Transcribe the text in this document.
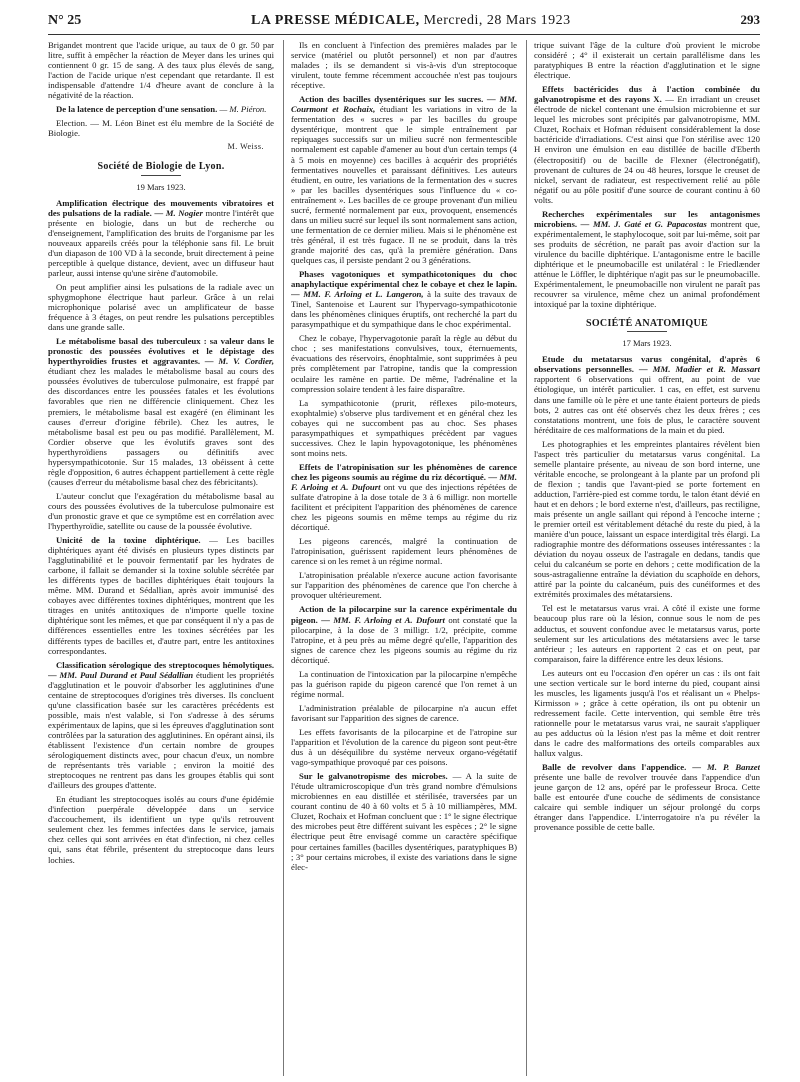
N° 25	LA PRESSE MÉDICALE, Mercredi, 28 Mars 1923	293

Brigandet montrent que l'acide urique, au taux de 0 gr. 50 par litre, suffit à empêcher la réaction de Meyer dans les urines qui contiennent 0 gr. 15 de sang. A des taux plus élevés de sang, l'action de l'acide urique n'est cependant que retardante. Il est indispensable d'attendre 1/4 d'heure avant de conclure à la négativité de la réaction.

De la latence de perception d'une sensation. — M. Piéron.

Election. — M. Léon Binet est élu membre de la Société de Biologie.

M. Weiss.
Société de Biologie de Lyon.

19 Mars 1923.

Amplification électrique des mouvements vibratoires et des pulsations de la radiale. — M. Nogier montre l'intérêt que présente en biologie, dans un but de recherche ou d'enseignement, l'amplification des bruits de l'organisme par les nouveaux appareils créés pour la téléphonie sans fil. Le bruit d'un diapason de 100 VD à la seconde, bruit directement à peine perceptible à quelque distance, devient, avec un diffuseur haut parleur, aussi intense qu'une sirène d'automobile.

On peut amplifier ainsi les pulsations de la radiale avec un sphygmophone électrique haut parleur. Grâce à un relai microphonique polarisé avec un amplificateur de basse fréquence à 3 étages, on peut rendre les pulsations perceptibles dans une grande salle.

Le métabolisme basal des tuberculeux : sa valeur dans le pronostic des poussées évolutives et le dépistage des hyperthyroïdies frustes et aggravantes. — M. V. Cordier, étudiant chez les malades le métabolisme basal au cours des poussées évolutives de tuberculose pulmonaire, est frappé par des discordances entre les poussées fatales et les évolutions favorables que rien ne différencie cliniquement. Chez les premiers, le métabolisme basal est exagéré (en éliminant les causes d'erreur d'origine fébrile). Chez les autres, le métabolisme basal est peu ou pas modifié. Parallèlement, M. Cordier observe que les évolutifs graves sont des hyperthyroïdiens passagers ou définitifs avec hypersympathicotonie. Sur 15 malades, 13 obéissent à cette règle d'opposition, 6 autres échappent partiellement à cette règle (causes d'erreur du métabolisme basal chez des fébricitants).

L'auteur conclut que l'exagération du métabolisme basal au cours des poussées évolutives de la tuberculose pulmonaire est d'un pronostic grave et que ce symptôme est en corrélation avec l'hyperthyroïdie, satellite ou cause de la poussée évolutive.

Unicité de la toxine diphtérique. — Les bacilles diphtériques ayant été divisés en plusieurs types distincts par l'agglutinabilité et le pouvoir fermentatif par les hydrates de carbone, il fallait se demander si la toxine soluble sécrétée par les différents types de bacilles diphtériques était toujours la même. MM. Durand et Sédallian, après avoir immunisé des cobayes avec différentes toxines diphtériques, montrent que les titrages en unités antitoxiques de n'importe quelle toxine diphtérique sont les mêmes, et que par conséquent il n'y a pas de différences essentielles entre les toxines sécrétées par les différents types de bacilles et, d'autre part, entre les antitoxines correspondantes.

Classification sérologique des streptocoques hémolytiques. — MM. Paul Durand et Paul Sédallian étudient les propriétés d'agglutination et le pouvoir d'absorber les agglutinines d'une centaine de streptocoques d'origines très diverses. Ils concluent qu'une classification basée sur les caractères précédents est possible, mais n'est valable, si l'on s'adresse à des sérums expérimentaux de lapins, que si les épreuves d'agglutination sont contrôlées par la saturation des agglutinines. En opérant ainsi, ils établissent l'existence d'un certain nombre de groupes sérologiquement distincts avec, pour chacun d'eux, un nombre de représentants très variable ; environ la moitié des streptocoques ne rentrent pas dans les groupes établis qui sont d'ailleurs des groupes d'attente.

En étudiant les streptocoques isolés au cours d'une épidémie d'infection puerpérale développée dans un service d'accouchement, ils identifient un type qu'ils retrouvent seulement chez les femmes infectées dans le service, jamais chez celles qui sont arrivées en état d'infection, ni chez celles qui, sans état fébrile, présentent du streptocoque dans leurs lochies.

Ils en concluent à l'infection des premières malades par le service (matériel ou plutôt personnel) et non par d'autres malades ; ils se demandent si vis-à-vis d'un streptocoque virulent, toute femme récemment accouchée n'est pas toujours réceptive.

Action des bacilles dysentériques sur les sucres. — MM. Courmont et Rochaix, étudiant les variations in vitro de la fermentation des « sucres » par les bacilles du groupe dysentérique, montrent que le simple entraînement par repiquages successifs sur un milieu sucré non fermentescible normalement est capable d'amener au bout d'un certain temps (4 à 5 mois en moyenne) ces bacilles à acquérir des propriétés fermentatives nouvelles et paraissant définitives. Les auteurs étudient, en outre, les variations de la fermentation des « sucres » par les bacilles dysentériques sous l'influence du « co-entraînement ». Les bacilles de ce groupe provenant d'un milieu sucré, fermenté normalement par eux, provoquent, ensemencés dans un milieu sucré sur lequel ils sont normalement sans action, une fermentation de ce dernier milieu. Mais si le phénomène est très général, il est très fugace. Il ne se produit, dans la très grande majorité des cas, qu'à la première génération. Dans quelques cas, il persiste pendant 2 ou 3 générations.

Phases vagotoniques et sympathicotoniques du choc anaphylactique expérimental chez le cobaye et chez le lapin. — MM. F. Arloing et L. Langeron, à la suite des travaux de Tinel, Santenoise et Laurent sur l'hypervago-sympathicotonie dans les phénomènes cliniques éruptifs, ont recherché la part du parasympathique et du sympathique dans le choc expérimental.

Chez le cobaye, l'hypervagotonie paraît la règle au début du choc ; ses manifestations convulsives, toux, éternuements, évacuations des réservoirs, énophtalmie, sont supprimées à peu près complètement par l'atropine, tandis que la compression oculaire les ramène en partie. De même, l'adrénaline et la compression solaire tendent à les faire disparaître.

La sympathicotonie (prurit, réflexes pilo-moteurs, exophtalmie) s'observe plus tardivement et en général chez les cobayes qui ne succombent pas au choc. Ses phases parasympathiques et sympathiques précèdent par vagues successives. Chez le lapin hypovagotonique, les phénomènes sont moins nets.

Effets de l'atropinisation sur les phénomènes de carence chez les pigeons soumis au régime du riz décortiqué. — MM. F. Arloing et A. Dufourt ont vu que des injections répétées de sulfate d'atropine à la dose totale de 3 à 6 milligr. non mortelle facilitent et précipitent l'apparition des phénomènes de carence chez les pigeons soumis en même temps au régime du riz décortiqué.

Les pigeons carencés, malgré la continuation de l'atropinisation, guérissent rapidement leurs phénomènes de carence si on les remet à un régime normal.

L'atropinisation préalable n'exerce aucune action favorisante sur l'apparition des phénomènes de carence que l'on cherche à provoquer ultérieurement.

Action de la pilocarpine sur la carence expérimentale du pigeon. — MM. F. Arloing et A. Dufourt ont constaté que la pilocarpine, à la dose de 3 milligr. 1/2, précipite, comme l'atropine, et à peu près au même degré qu'elle, l'apparition des signes de carence chez les pigeons soumis au régime du riz décortiqué.

La continuation de l'intoxication par la pilocarpine n'empêche pas la guérison rapide du pigeon carencé que l'on remet à un régime normal.

L'administration préalable de pilocarpine n'a aucun effet favorisant sur l'apparition des signes de carence.

Les effets favorisants de la pilocarpine et de l'atropine sur l'apparition et l'évolution de la carence du pigeon sont peut-être dus à un déséquilibre du système nerveux organo-végétatif vago-sympathique provoqué par ces poisons.

Sur le galvanotropisme des microbes. — A la suite de l'étude ultramicroscopique d'un très grand nombre d'émulsions microbiennes en eau distillée et stérilisée, traversées par un courant continu de 40 à 60 volts et 5 à 10 milliampères, MM. Cluzet, Rochaix et Hofman concluent que : 1° le signe électrique des microbes peut être différent suivant les espèces ; 2° le signe électrique peut être envisagé comme un caractère spécifique pour certaines familles (bacilles dysentériques, paratyphiques B) ; 3° pour certains microbes, il existe des variations dans le signe élec-

trique suivant l'âge de la culture d'où provient le microbe considéré ; 4° il existerait un certain parallélisme dans les paratyphiques B entre la réaction d'agglutination et le signe électrique.

Effets bactéricides dus à l'action combinée du galvanotropisme et des rayons X. — En irradiant un creuset électrode de nickel contenant une émulsion microbienne et sur lequel les microbes sont précipités par galvanotropisme, MM. Cluzet, Rochaix et Hofman réduisent considérablement la dose bactéricide d'irradiations. C'est ainsi que l'on stérilise avec 120 H environ une émulsion en eau distillée de bacille d'Eberth (électropositif) ou de bacille de Flexner (électronégatif), provenant de cultures de 24 ou 48 heures, lorsque le creuset de nickel, servant de radiateur, est respectivement relié au pôle négatif ou au pôle positif d'une source de courant continu à 60 volts.

Recherches expérimentales sur les antagonismes microbiens. — MM. J. Gaté et G. Papacostas montrent que, expérimentalement, le staphylocoque, soit par lui-même, soit par ses produits de sécrétion, ne paraît pas avoir d'action sur la virulence du bacille diphtérique. L'antagonisme entre le bacille diphtérique et le pneumobacille est unilatéral : le Friedlænder atténue le Löffler, le diphtérique n'agit pas sur le pneumobacille. Expérimentalement, le pneumobacille non virulent ne paraît pas recouvrer sa virulence, même chez un animal profondément intoxiqué par la toxine diphtérique.

SOCIÉTÉ ANATOMIQUE

17 Mars 1923.

Etude du metatarsus varus congénital, d'après 6 observations personnelles. — MM. Madier et R. Massart rapportent 6 observations qui offrent, au point de vue étiologique, un intérêt particulier. 1 cas, en effet, est survenu dans une famille où le père et une tante étaient porteurs de pieds bots, 2 autres cas ont été observés chez les deux frères ; ces constatations montrent, une fois de plus, le caractère souvent héréditaire de ces malformations de la main et du pied.

Les photographies et les empreintes plantaires révèlent bien l'aspect très particulier du metatarsus varus congénital. La semelle plantaire présente, au niveau de son bord interne, une véritable encoche, se prolongeant à la plante par un profond pli de flexion ; tandis que l'avant-pied se porte fortement en adduction, l'arrière-pied est comme tordu, le talon étant dévié en haut et en dehors ; le bord externe n'est, d'ailleurs, pas rectiligne, mais présente un angle saillant qui répond à l'encoche interne ; le premier orteil est véritablement détaché du reste du pied, à la manière d'un pouce, laissant un espace interdigital très élargi. La radiographie montre des déformations osseuses intéressantes : la déviation du noyau osseux de l'astragale en dedans, tandis que celui du calcanéum se porte en dehors ; cette modification de la sous-astragalienne entraîne la déviation du scaphoïde en dehors, attiré par la pointe du calcanéum, puis des cunéiformes et des extrémités proximales des métatarsiens.

Tel est le metatarsus varus vrai. A côté il existe une forme beaucoup plus rare où la lésion, connue sous le nom de pes adductus, et souvent confondue avec le metatarsus varus, porte seulement sur les articulations des métatarsiens avec le tarse antérieur ; les auteurs en rapportent 2 cas et on peut, par comparaison, faire la différence entre les deux lésions.

Les auteurs ont eu l'occasion d'en opérer un cas : ils ont fait une section verticale sur le bord interne du pied, coupant ainsi les muscles, les ligaments jusqu'à l'os et réalisant un « Phelps-Kirmisson » ; grâce à cette opération, ils ont pu obtenir un redressement facile. Cette intervention, qui semble être très rationnelle pour le metatarsus varus vrai, ne saurait s'appliquer au pes adductus où la lésion n'est pas la même et doit rentrer dans le cadre des malformations des orteils comparables aux hallux valgus.

Balle de revolver dans l'appendice. — M. P. Banzet présente une balle de revolver trouvée dans l'appendice d'un jeune garçon de 12 ans, opéré par le professeur Broca. Cette balle est entourée d'une couche de sédiments de consistance calcaire qui semble indiquer un séjour prolongé du corps étranger dans l'appendice. L'interrogatoire n'a pu révéler la provenance possible de cette balle.
